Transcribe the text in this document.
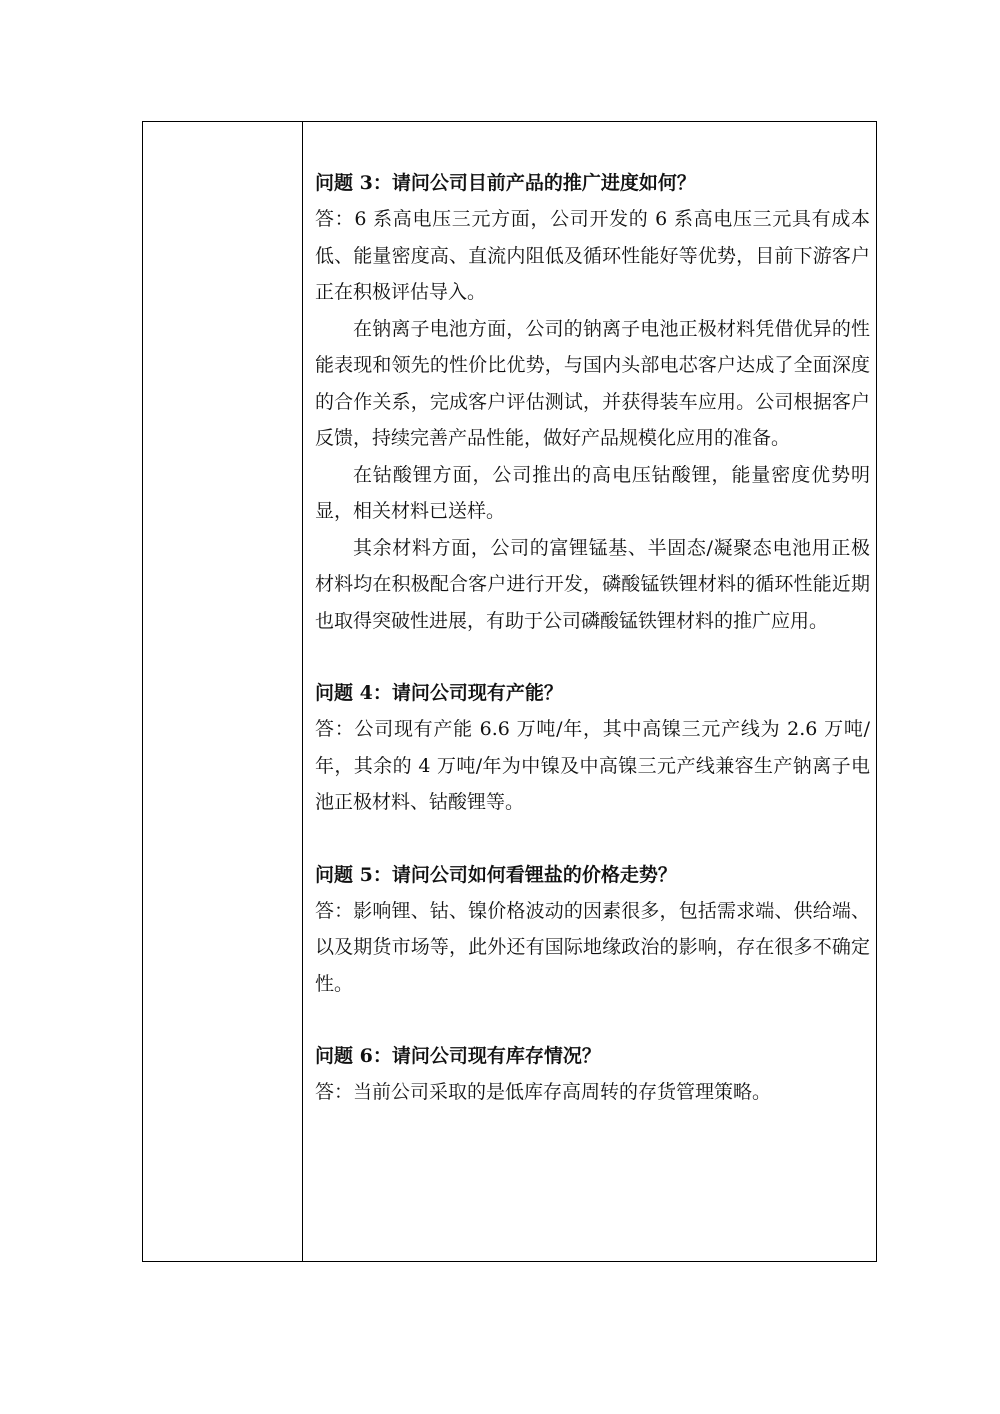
问题 3：请问公司目前产品的推广进度如何？

答：6 系高电压三元方面，公司开发的 6 系高电压三元具有成本低、能量密度高、直流内阻低及循环性能好等优势，目前下游客户正在积极评估导入。

在钠离子电池方面，公司的钠离子电池正极材料凭借优异的性能表现和领先的性价比优势，与国内头部电芯客户达成了全面深度的合作关系，完成客户评估测试，并获得装车应用。公司根据客户反馈，持续完善产品性能，做好产品规模化应用的准备。

在钴酸锂方面，公司推出的高电压钴酸锂，能量密度优势明显，相关材料已送样。

其余材料方面，公司的富锂锰基、半固态/凝聚态电池用正极材料均在积极配合客户进行开发，磷酸锰铁锂材料的循环性能近期也取得突破性进展，有助于公司磷酸锰铁锂材料的推广应用。

问题 4：请问公司现有产能？

答：公司现有产能 6.6 万吨/年，其中高镍三元产线为 2.6 万吨/年，其余的 4 万吨/年为中镍及中高镍三元产线兼容生产钠离子电池正极材料、钴酸锂等。

问题 5：请问公司如何看锂盐的价格走势？

答：影响锂、钴、镍价格波动的因素很多，包括需求端、供给端、以及期货市场等，此外还有国际地缘政治的影响，存在很多不确定性。

问题 6：请问公司现有库存情况？

答：当前公司采取的是低库存高周转的存货管理策略。
